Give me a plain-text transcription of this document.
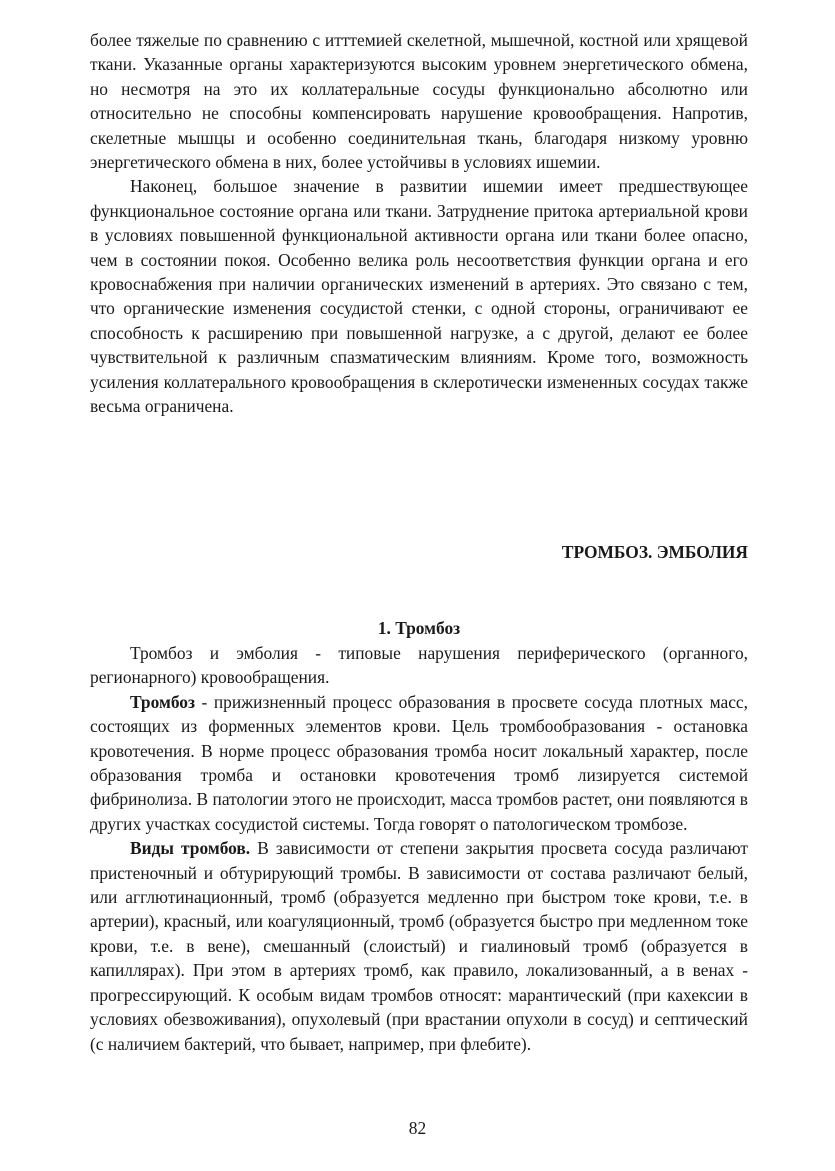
более тяжелые по сравнению с итттемией скелетной, мышечной, костной или хрящевой ткани. Указанные органы характеризуются высоким уровнем энергетического обмена, но несмотря на это их коллатеральные сосуды функционально абсолютно или относительно не способны компенсировать нарушение кровообращения. Напротив, скелетные мышцы и особенно соединительная ткань, благодаря низкому уровню энергетического обмена в них, более устойчивы в условиях ишемии.

Наконец, большое значение в развитии ишемии имеет предшествующее функциональное состояние органа или ткани. Затруднение притока артериальной крови в условиях повышенной функциональной активности органа или ткани более опасно, чем в состоянии покоя. Особенно велика роль несоответствия функции органа и его кровоснабжения при наличии органических изменений в артериях. Это связано с тем, что органические изменения сосудистой стенки, с одной стороны, ограничивают ее способность к расширению при повышенной нагрузке, а с другой, делают ее более чувствительной к различным спазматическим влияниям. Кроме того, возможность усиления коллатерального кровообращения в склеротически измененных сосудах также весьма ограничена.

ТРОМБОЗ. ЭМБОЛИЯ

1. Тромбоз

Тромбоз и эмболия - типовые нарушения периферического (органного, регионарного) кровообращения.

Тромбоз - прижизненный процесс образования в просвете сосуда плотных масс, состоящих из форменных элементов крови. Цель тромбообразования - остановка кровотечения. В норме процесс образования тромба носит локальный характер, после образования тромба и остановки кровотечения тромб лизируется системой фибринолиза. В патологии этого не происходит, масса тромбов растет, они появляются в других участках сосудистой системы. Тогда говорят о патологическом тромбозе.

Виды тромбов. В зависимости от степени закрытия просвета сосуда различают пристеночный и обтурирующий тромбы. В зависимости от состава различают белый, или агглютинационный, тромб (образуется медленно при быстром токе крови, т.е. в артерии), красный, или коагуляционный, тромб (образуется быстро при медленном токе крови, т.е. в вене), смешанный (слоистый) и гиалиновый тромб (образуется в капиллярах). При этом в артериях тромб, как правило, локализованный, а в венах - прогрессирующий. К особым видам тромбов относят: марантический (при кахексии в условиях обезвоживания), опухолевый (при врастании опухоли в сосуд) и септический (с наличием бактерий, что бывает, например, при флебите).

82
